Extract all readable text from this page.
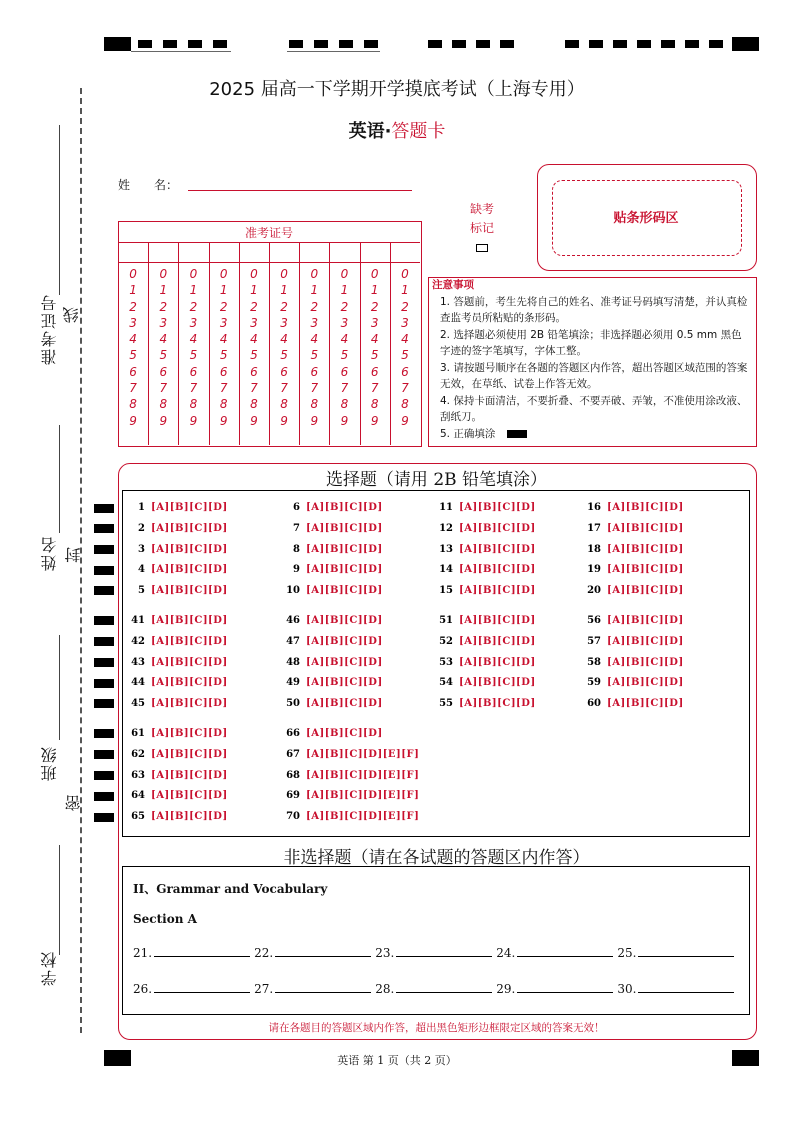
2025 届高一下学期开学摸底考试（上海专用）
英语·答题卡
准考证号 线
姓名 封
班级
密
学校
姓　　名：
缺考
标记
贴条形码区
准考证号
0
1
2
3
4
5
6
7
8
9
0
1
2
3
4
5
6
7
8
9
0
1
2
3
4
5
6
7
8
9
0
1
2
3
4
5
6
7
8
9
0
1
2
3
4
5
6
7
8
9
0
1
2
3
4
5
6
7
8
9
0
1
2
3
4
5
6
7
8
9
0
1
2
3
4
5
6
7
8
9
0
1
2
3
4
5
6
7
8
9
0
1
2
3
4
5
6
7
8
9
注意事项
1. 答题前，考生先将自己的姓名、准考证号码填写清楚，并认真检查监考员所粘贴的条形码。
2. 选择题必须使用 2B 铅笔填涂；非选择题必须用 0.5 mm 黑色字迹的签字笔填写，字体工整。
3. 请按题号顺序在各题的答题区内作答，超出答题区域范围的答案无效，在草纸、试卷上作答无效。
4. 保持卡面清洁，不要折叠、不要弄破、弄皱，不准使用涂改液、刮纸刀。
5. 正确填涂
选择题（请用 2B 铅笔填涂）
1 [A][B][C][D]
2 [A][B][C][D]
3 [A][B][C][D]
4 [A][B][C][D]
5 [A][B][C][D]
6 [A][B][C][D]
7 [A][B][C][D]
8 [A][B][C][D]
9 [A][B][C][D]
10 [A][B][C][D]
11 [A][B][C][D]
12 [A][B][C][D]
13 [A][B][C][D]
14 [A][B][C][D]
15 [A][B][C][D]
16 [A][B][C][D]
17 [A][B][C][D]
18 [A][B][C][D]
19 [A][B][C][D]
20 [A][B][C][D]
41 [A][B][C][D]
42 [A][B][C][D]
43 [A][B][C][D]
44 [A][B][C][D]
45 [A][B][C][D]
46 [A][B][C][D]
47 [A][B][C][D]
48 [A][B][C][D]
49 [A][B][C][D]
50 [A][B][C][D]
51 [A][B][C][D]
52 [A][B][C][D]
53 [A][B][C][D]
54 [A][B][C][D]
55 [A][B][C][D]
56 [A][B][C][D]
57 [A][B][C][D]
58 [A][B][C][D]
59 [A][B][C][D]
60 [A][B][C][D]
61 [A][B][C][D]
62 [A][B][C][D]
63 [A][B][C][D]
64 [A][B][C][D]
65 [A][B][C][D]
66 [A][B][C][D]
67 [A][B][C][D][E][F]
68 [A][B][C][D][E][F]
69 [A][B][C][D][E][F]
70 [A][B][C][D][E][F]
非选择题（请在各试题的答题区内作答）
II、Grammar and Vocabulary
Section A
21.	22.	23.	24.	25.
26.	27.	28.	29.	30.
请在各题目的答题区域内作答，超出黑色矩形边框限定区域的答案无效！
英语 第 1 页（共 2 页）
